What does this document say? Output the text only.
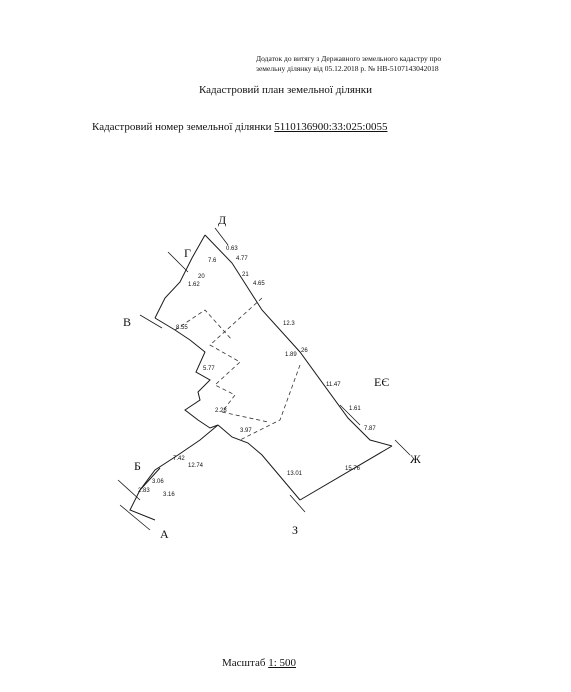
Додаток до витягу з Державного земельного кадастру про
земельну ділянку від 05.12.2018 р. № НВ-5107143042018
Кадастровий план земельної ділянки
Кадастровий номер земельної ділянки 5110136900:33:025:0055
Д
Г
В
Б
А	З
Ж
ЕЄ
0.63
7.6	4.77
4.65
12.3
11.47
7.87
15.76
13.01
3.97
12.74
7.42
5.77
8.55
1.62
2.28
3.16
2.83
3.06
1.89
1.61
20	21
26
Масштаб 1: 500
